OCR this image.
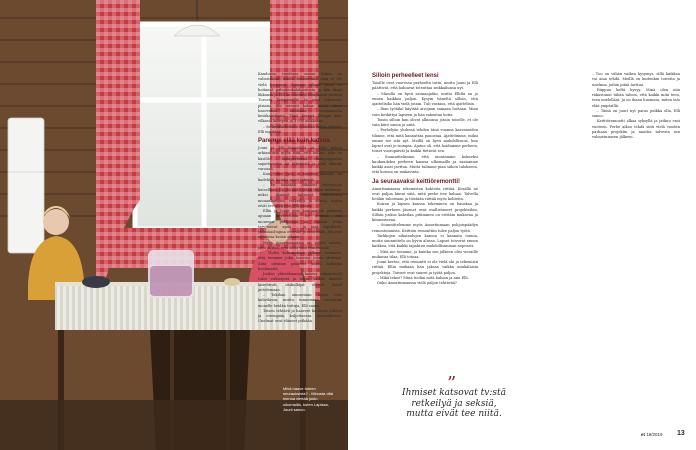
Mikä haave toteen seurauksista? - Minusta olisi hienoa viettää joulu ulkomailla, kuten Lapissa, Jouni sanoo.

Kandonsa vuodessa mooni kohta on valmistunut, mutta remontointi aina ei ole vielä loppunut. Samaan aikaan Jouni on hoitanut paluuleukalahjoitusta ja hän tävät likkansa ja Elli on siirtänyt terapiansa tuttuun Turusta Tampereelle. Ja jotta tekemistä piisaisi, Elli toteutti kolme kesää sitten haaveensa koulunsa avartamasta kesäkahvilasta. Tänä kesänä kauppa kävi vilkasta kiertyen ja 3 000 asiakasta.

– Se kesäkahvilaan tyimästä vähän ylläätti, Elli myöntää.

Parempi elää kuin katsoa

Jouni ja Elli Raipelalla on kyky puhua arkiasioista myös siitä, että hetket, joka on käsillä – lapsiperheenä, viisikymppisinä sapattivuotta tai tekemistä ja niitä elämää varoaan.

Kun tekee työt, ei tarvitse kamalla tai kadehtia, kuinka muut tekevät.

– En baaskaa aikaansi televisioon katsellaan. En ole vielä tähän ikään keskenyt, miksi ihmiset katsovat televisiosta muuanlaitteita, retkeilyä ja seksiä, mutta eivät tee niitä itse, Elli sanoo.

Ellin ja Jouni ovat kummankin paikasta apuaan perheeltään. He tietävät, että monessa perheessä on ihmisiä jotka tarvitsevat apua – ja taas lapsilleen, yksinhuoltajina etsiville ja nuorisolle. He ovat aktiivisia kesän aikana.

Myös Amortinmaassa on paljon asioita, joita auttaa, että asiat vain remontoida.

– Yhden kokemuksen jälkeen sovimme, että teemme joka lauantai jotain yhdessä. Siitä olemme pitäneet kiinni kaikesta huolimatta.

Joskus yhteiskunnan kanssa tekemisestä tulee virkistystä ja intoa. Vaikka ihmiset kiirehtivät, ohikulkijat ehtivät jäädä juttelemaan.

– Tokihan ainoastaan toiset ovat kahvilassa, mutta tunnemme olevamme monelle heidän tuttuja, Elli sanoo.

Toisen tehtävä ja haaveet kuuluvat arkeen ja eteenpäin kuljettaessa luonnollisesti. Unelmat ovat eläneet pitkään.

Silloin perheelleet lensi

Toisille ovat vuorossa perheeltä tuttu, mutta Jouni ja Elli päättivät, että haluavat toteuttaa seikkailunsa nyt.

– Minulla on hyvä saunanjatko, mutta Elliltä on jo ennen kaikkea paljon. Kysyin häneltä silloin, että ajattelisiko hän vielä jotain. Tuli vastaus, että ajattelisin.

– Ihan työtäkö käyttää aivojaan samaan luotaan. Minä voin keskittyä lapseen ja hän rakentaa kotia.

Toisin silloin kun olivat alkuunsa jotain toiselle, et ole vain kiire sanoa ja niitä.

– Perhelyön yhdessä tehden tänä vuonna kasvaneiden tilanne, että mitä kannattaa panostaa. Ajattelimme, miksi emme tee sitä nyt. Meillä on hyvä mahdollisuus, kun lapset ovat jo isompia. Ajatus oli, että hoidamme perheen, toiset vuoropäivät ja kaikki tietävät sen.

– Suunnittelimme, että muutamme kolmeksi kuukaudeksi perheen kanssa ulkomaille ja saatamme kaikki asiat jaettua. Mutta tulimme pian siihen tulokseen, että kotona on mukavinta.

Ja seuraavaksi keittiöremontti!

Amortinmaassa tekemisten kohteita riittää. Kesällä ne ovat paljon kiinni siitä, mitä perhe itse haluaa. Talvella heidän tuloistaan ja töistään riittää myös kohteita.

Koiran ja lapsen kanssa tekeminen on hauskaa ja kaikki perheen jäsenet ovat osallistuneet projekteihin. Silloin joskus kahvilan pitäminen on erittäin mukavaa ja kiinnostavaa.

– Suunnittelemme myös Amortinmaan pohjoispäädyn remontoinnista. Keittiön remonttiin tulee paljon työtä.

Tarkkojen aikataulujen kanssa ei kannata toimia, mutta suunnittelu on hyvin alussa. Lapset toivovat ennen kaikkea, että kaikki tapahtuu mahdollisimman nopeasti.

– Mitä me teemme, ja kuinka sen jälkeen olisi vieraille mukavaa tilaa, Elli toteaa.

Jouni kertoo, että remontti ei ole vielä ohi ja tekemistä riittää. Ellin mukaan hän jaksaa vaikka minkälaisia projekteja. Toiveet ovat suuret ja työtä paljon.

– Mikä tekee? Minä tiedän mitä haluan ja niin Elli.

Onko Amortinmaassa vielä paljon tehtävää?

– Tuo on vähän vaikea kysymys, sillä kaikkea voi aina tehdä. Meillä on kuitenkin toiveita ja unelmia, joihin pitää tarttua.

Riippuu keltä kysyy. Minä olen niin rakastunut tähän taloon, että kaikki mitä teen, teen mielelläni. Ja on ihana huomata, miten talo elää ympärillä.

– Tämä on juuri nyt paras paikka olla, Elli sanoo.

Keittiöremontti alkaa syksyllä ja jatkuu ensi vuoteen. Perhe aikoo tehdä siitä vielä vuoden parhaan projektin ja nauttia talvesta sen valmistumisen jälkeen.

”

Ihmiset katsovat tv:stä retkeilyä ja seksiä, mutta eivät tee niitä.

et 19/2019 13
